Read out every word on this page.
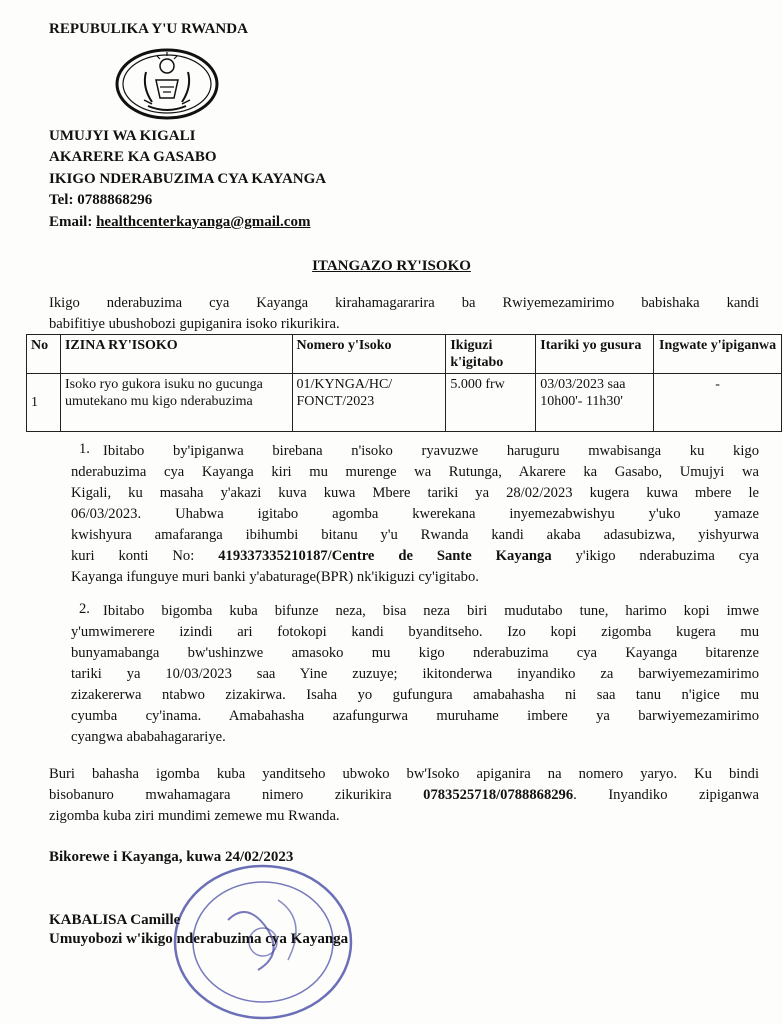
REPUBULIKA Y'U RWANDA
UMUJYI WA KIGALI
AKARERE KA GASABO
IKIGO NDERABUZIMA CYA KAYANGA
Tel: 0788868296
Email: healthcenterkayanga@gmail.com
ITANGAZO RY'ISOKO
Ikigo nderabuzima cya Kayanga kirahamagararira ba Rwiyemezamirimo babishaka kandi
babifitiye ubushobozi gupiganira isoko rikurikira.
No	IZINA RY'ISOKO	Nomero y'Isoko	Ikiguzi k'igitabo	Itariki yo gusura	Ingwate y'ipiganwa
1	Isoko ryo gukora isuku no gucunga umutekano mu kigo nderabuzima	01/KYNGA/HC/ FONCT/2023	5.000 frw	03/03/2023 saa 10h00'- 11h30'	-
1. Ibitabo by'ipiganwa birebana n'isoko ryavuzwe haruguru mwabisanga ku kigo
nderabuzima cya Kayanga kiri mu murenge wa Rutunga, Akarere ka Gasabo, Umujyi wa
Kigali, ku masaha y'akazi kuva kuwa Mbere tariki ya 28/02/2023 kugera kuwa mbere le
06/03/2023. Uhabwa igitabo agomba kwerekana inyemezabwishyu y'uko yamaze
kwishyura amafaranga ibihumbi bitanu y'u Rwanda kandi akaba adasubizwa, yishyurwa
kuri konti No: 419337335210187/Centre de Sante Kayanga y'ikigo nderabuzima cya
Kayanga ifunguye muri banki y'abaturage(BPR) nk'ikiguzi cy'igitabo.
2. Ibitabo bigomba kuba bifunze neza, bisa neza biri mudutabo tune, harimo kopi imwe
y'umwimerere izindi ari fotokopi kandi byanditseho. Izo kopi zigomba kugera mu
bunyamabanga bw'ushinzwe amasoko mu kigo nderabuzima cya Kayanga bitarenze
tariki ya 10/03/2023 saa Yine zuzuye; ikitonderwa inyandiko za barwiyemezamirimo
zizakererwa ntabwo zizakirwa. Isaha yo gufungura amabahasha ni saa tanu n'igice mu
cyumba cy'inama. Amabahasha azafungurwa muruhame imbere ya barwiyemezamirimo
cyangwa ababahagarariye.
Buri bahasha igomba kuba yanditseho ubwoko bw'Isoko apiganira na nomero yaryo. Ku bindi
bisobanuro mwahamagara nimero zikurikira 0783525718/0788868296. Inyandiko zipiganwa
zigomba kuba ziri mundimi zemewe mu Rwanda.
Bikorewe i Kayanga, kuwa 24/02/2023
KABALISA Camille
Umuyobozi w'ikigo nderabuzima cya Kayanga
